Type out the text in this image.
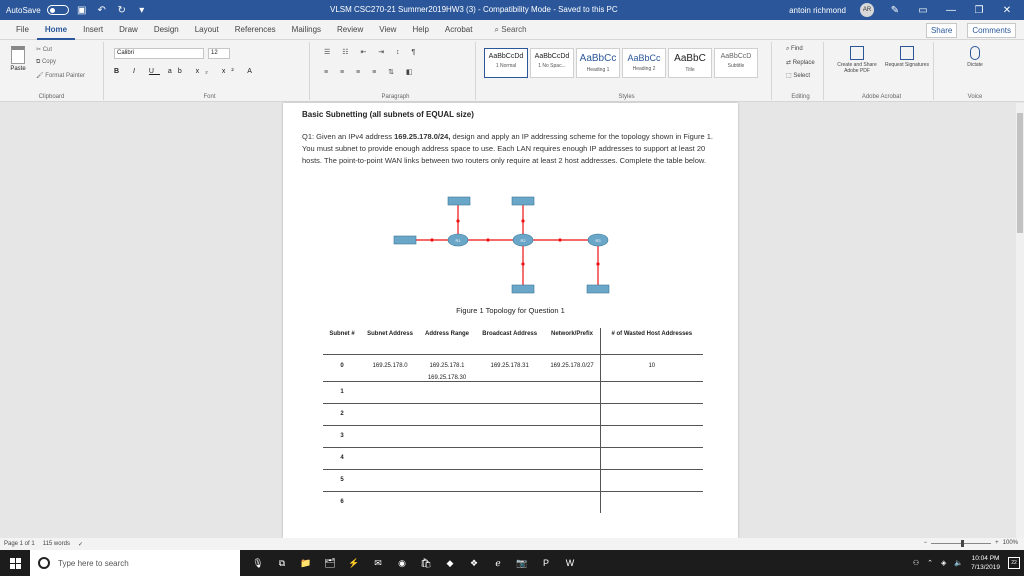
AutoSave	▣ ↶ ↻	▾	VLSM CSC270-21 Summer2019HW3 (3) - Compatibility Mode - Saved to this PC	antoin richmond	AR ✎ ▭ — ❐ ✕
File	Home	Insert	Draw	Design	Layout	References	Mailings	Review	View	Help	Acrobat	⌕ Search	Share	Comments
Paste
✂ Cut
⧉ Copy
🖌 Format Painter
Clipboard
Calibri	12
B I U ab x₂ x² A
Font
☰ ☷ ⇤ ⇥ ↕ ¶
≡ ≡ ≡ ≡ ⇅ ◧
Paragraph
AaBbCcDd
1 Normal
AaBbCcDd
1 No Spac...
AaBbCc
Heading 1
AaBbCc
Heading 2
AaBbC
Title
AaBbCcD
Subtitle
Styles
⌕ Find
⇄ Replace
⬚ Select
Editing
Create and Share Adobe PDF
Request Signatures
Adobe Acrobat
Dictate
Voice
Basic Subnetting (all subnets of EQUAL size)
Q1: Given an IPv4 address 169.25.178.0/24, design and apply an IP addressing scheme for the topology shown in Figure 1. You must subnet to provide enough address space to use. Each LAN requires enough IP addresses to support at least 20 hosts. The point-to-point WAN links between two routers only require at least 2 host addresses. Complete the table below.
R1	R2	R3
Figure 1 Topology for Question 1
Subnet #	Subnet Address	Address Range	Broadcast Address	Network/Prefix	# of Wasted Host Addresses
0	169.25.178.0	169.25.178.1
169.25.178.30	169.25.178.31	169.25.178.0/27	10
1					
2					
3					
4					
5					
6					
Page 1 of 1 115 words ✓	−	+ 100%
Type here to search	🎙	⧉	📁 🗂 ⚡	✉	◉	🛍	◆	❖	ℯ	📷	P	W	⚇ ⌃ ◈ 🔈
10:04 PM
7/13/2019
22
